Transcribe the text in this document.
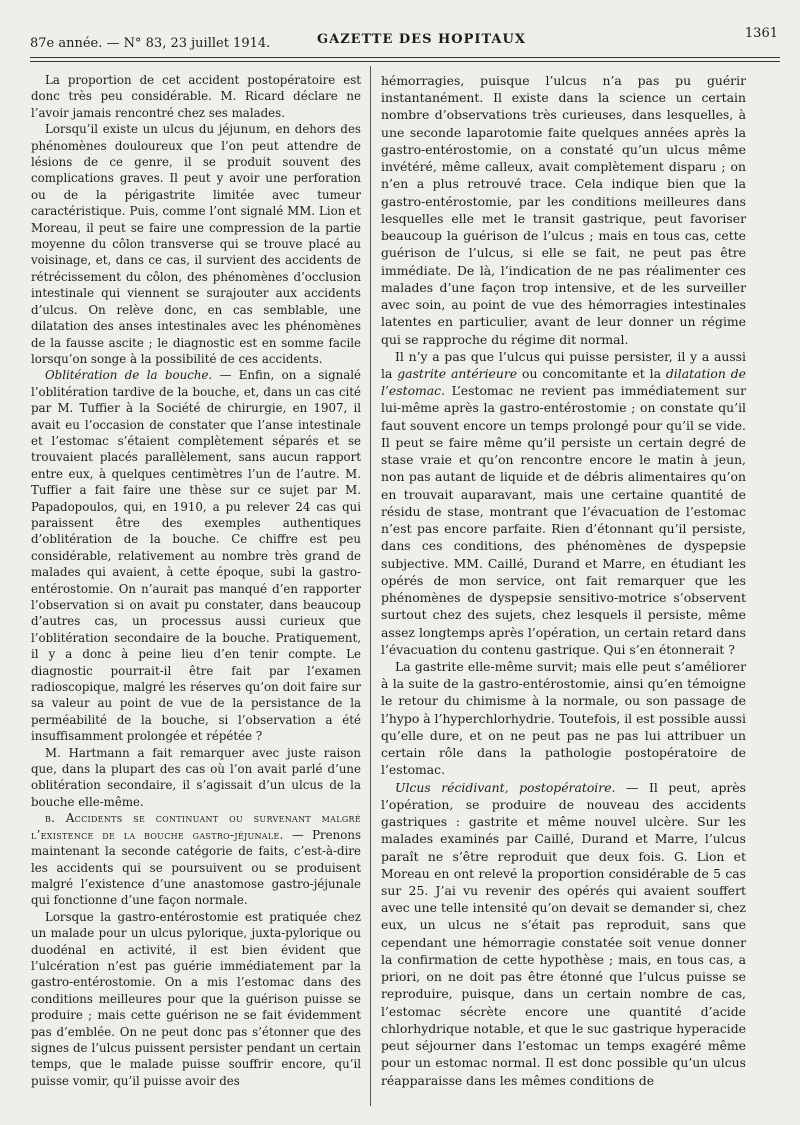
87e année. — N° 83, 23 juillet 1914.	GAZETTE DES HOPITAUX	1361

La proportion de cet accident postopératoire est donc très peu considérable. M. Ricard déclare ne l’avoir jamais rencontré chez ses malades.

Lorsqu’il existe un ulcus du jéjunum, en dehors des phénomènes douloureux que l’on peut attendre de lésions de ce genre, il se produit souvent des complications graves. Il peut y avoir une perforation ou de la périgastrite limitée avec tumeur caractéristique. Puis, comme l’ont signalé MM. Lion et Moreau, il peut se faire une compression de la partie moyenne du côlon transverse qui se trouve placé au voisinage, et, dans ce cas, il survient des accidents de rétrécissement du côlon, des phénomènes d’occlusion intestinale qui viennent se surajouter aux accidents d’ulcus. On relève donc, en cas semblable, une dilatation des anses intestinales avec les phénomènes de la fausse ascite ; le diagnostic est en somme facile lorsqu’on songe à la possibilité de ces accidents.

Oblitération de la bouche. — Enfin, on a signalé l’oblitération tardive de la bouche, et, dans un cas cité par M. Tuffier à la Société de chirurgie, en 1907, il avait eu l’occasion de constater que l’anse intestinale et l’estomac s’étaient complètement séparés et se trouvaient placés parallèlement, sans aucun rapport entre eux, à quelques centimètres l’un de l’autre. M. Tuffier a fait faire une thèse sur ce sujet par M. Papadopoulos, qui, en 1910, a pu relever 24 cas qui paraissent être des exemples authentiques d’oblitération de la bouche. Ce chiffre est peu considérable, relativement au nombre très grand de malades qui avaient, à cette époque, subi la gastro-entérostomie. On n’aurait pas manqué d’en rapporter l’observation si on avait pu constater, dans beaucoup d’autres cas, un processus aussi curieux que l’oblitération secondaire de la bouche. Pratiquement, il y a donc à peine lieu d’en tenir compte. Le diagnostic pourrait-il être fait par l’examen radioscopique, malgré les réserves qu’on doit faire sur sa valeur au point de vue de la persistance de la perméabilité de la bouche, si l’observation a été insuffisamment prolongée et répétée ?

M. Hartmann a fait remarquer avec juste raison que, dans la plupart des cas où l’on avait parlé d’une oblitération secondaire, il s’agissait d’un ulcus de la bouche elle-même.

b. Accidents se continuant ou survenant malgré l’existence de la bouche gastro-jéjunale. — Prenons maintenant la seconde catégorie de faits, c’est-à-dire les accidents qui se poursuivent ou se produisent malgré l’existence d’une anastomose gastro-jéjunale qui fonctionne d’une façon normale.

Lorsque la gastro-entérostomie est pratiquée chez un malade pour un ulcus pylorique, juxta-pylorique ou duodénal en activité, il est bien évident que l’ulcération n’est pas guérie immédiatement par la gastro-entérostomie. On a mis l’estomac dans des conditions meilleures pour que la guérison puisse se produire ; mais cette guérison ne se fait évidemment pas d’emblée. On ne peut donc pas s’étonner que des signes de l’ulcus puissent persister pendant un certain temps, que le malade puisse souffrir encore, qu’il puisse vomir, qu’il puisse avoir des

hémorragies, puisque l’ulcus n’a pas pu guérir instantanément. Il existe dans la science un certain nombre d’observations très curieuses, dans lesquelles, à une seconde laparotomie faite quelques années après la gastro-entérostomie, on a constaté qu’un ulcus même invétéré, même calleux, avait complètement disparu ; on n’en a plus retrouvé trace. Cela indique bien que la gastro-entérostomie, par les conditions meilleures dans lesquelles elle met le transit gastrique, peut favoriser beaucoup la guérison de l’ulcus ; mais en tous cas, cette guérison de l’ulcus, si elle se fait, ne peut pas être immédiate. De là, l’indication de ne pas réalimenter ces malades d’une façon trop intensive, et de les surveiller avec soin, au point de vue des hémorragies intestinales latentes en particulier, avant de leur donner un régime qui se rapproche du régime dit normal.

Il n’y a pas que l’ulcus qui puisse persister, il y a aussi la gastrite antérieure ou concomitante et la dilatation de l’estomac. L’estomac ne revient pas immédiatement sur lui-même après la gastro-entérostomie ; on constate qu’il faut souvent encore un temps prolongé pour qu’il se vide. Il peut se faire même qu’il persiste un certain degré de stase vraie et qu’on rencontre encore le matin à jeun, non pas autant de liquide et de débris alimentaires qu’on en trouvait auparavant, mais une certaine quantité de résidu de stase, montrant que l’évacuation de l’estomac n’est pas encore parfaite. Rien d’étonnant qu’il persiste, dans ces conditions, des phénomènes de dyspepsie subjective. MM. Caillé, Durand et Marre, en étudiant les opérés de mon service, ont fait remarquer que les phénomènes de dyspepsie sensitivo-motrice s’observent surtout chez des sujets, chez lesquels il persiste, même assez longtemps après l’opération, un certain retard dans l’évacuation du contenu gastrique. Qui s’en étonnerait ?

La gastrite elle-même survit; mais elle peut s’améliorer à la suite de la gastro-entérostomie, ainsi qu’en témoigne le retour du chimisme à la normale, ou son passage de l’hypo à l’hyperchlorhydrie. Toutefois, il est possible aussi qu’elle dure, et on ne peut pas ne pas lui attribuer un certain rôle dans la pathologie postopératoire de l’estomac.

Ulcus récidivant, postopératoire. — Il peut, après l’opération, se produire de nouveau des accidents gastriques : gastrite et même nouvel ulcère. Sur les malades examinés par Caillé, Durand et Marre, l’ulcus paraît ne s’être reproduit que deux fois. G. Lion et Moreau en ont relevé la proportion considérable de 5 cas sur 25. J’ai vu revenir des opérés qui avaient souffert avec une telle intensité qu’on devait se demander si, chez eux, un ulcus ne s’était pas reproduit, sans que cependant une hémorragie constatée soit venue donner la confirmation de cette hypothèse ; mais, en tous cas, a priori, on ne doit pas être étonné que l’ulcus puisse se reproduire, puisque, dans un certain nombre de cas, l’estomac sécrète encore une quantité d’acide chlorhydrique notable, et que le suc gastrique hyperacide peut séjourner dans l’estomac un temps exagéré même pour un estomac normal. Il est donc possible qu’un ulcus réapparaisse dans les mêmes conditions de
